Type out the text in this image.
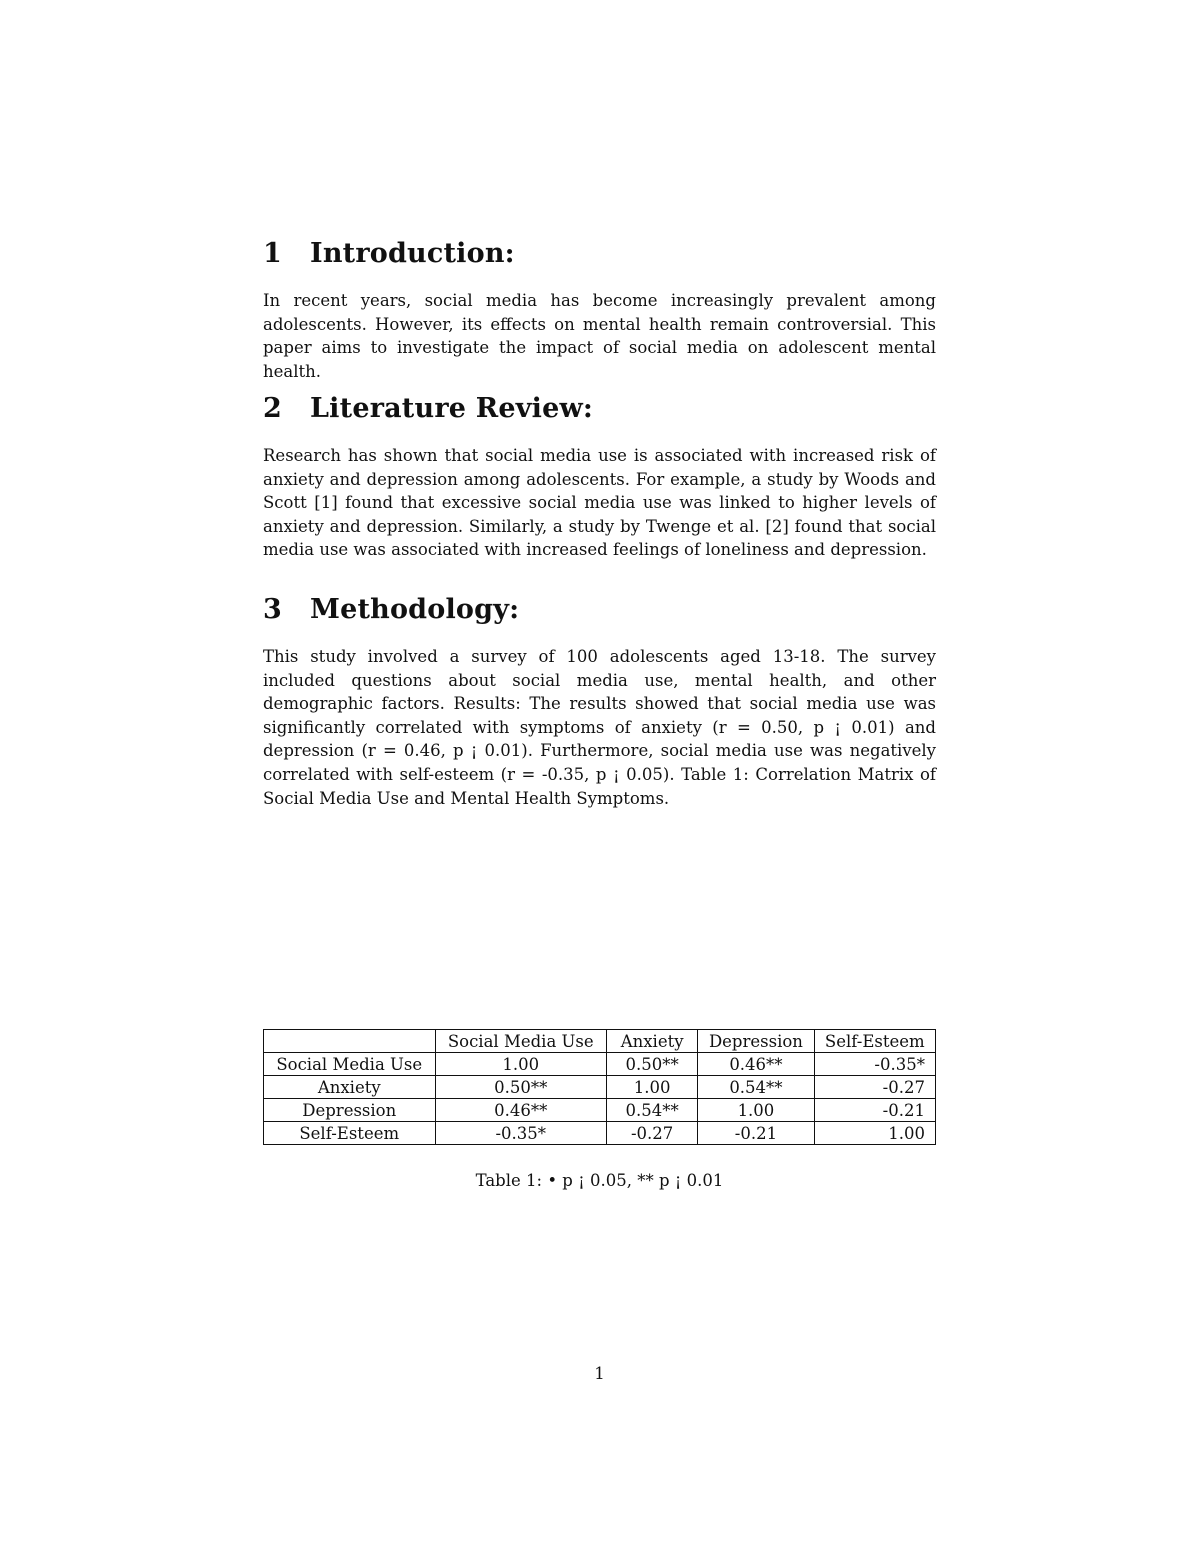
1 Introduction:

In recent years, social media has become increasingly prevalent among adolescents. However, its effects on mental health remain controversial. This paper aims to investigate the impact of social media on adolescent mental health.

2 Literature Review:

Research has shown that social media use is associated with increased risk of anxiety and depression among adolescents. For example, a study by Woods and Scott [1] found that excessive social media use was linked to higher levels of anxiety and depression. Similarly, a study by Twenge et al. [2] found that social media use was associated with increased feelings of loneliness and depression.

3 Methodology:

This study involved a survey of 100 adolescents aged 13-18. The survey included questions about social media use, mental health, and other demographic factors. Results: The results showed that social media use was significantly correlated with symptoms of anxiety (r = 0.50, p ¡ 0.01) and depression (r = 0.46, p ¡ 0.01). Furthermore, social media use was negatively correlated with self-esteem (r = -0.35, p ¡ 0.05). Table 1: Correlation Matrix of Social Media Use and Mental Health Symptoms.

	Social Media Use	Anxiety	Depression	Self-Esteem
Social Media Use	1.00	0.50**	0.46**	-0.35*
Anxiety	0.50**	1.00	0.54**	-0.27
Depression	0.46**	0.54**	1.00	-0.21
Self-Esteem	-0.35*	-0.27	-0.21	1.00
Table 1: • p ¡ 0.05, ** p ¡ 0.01
1
